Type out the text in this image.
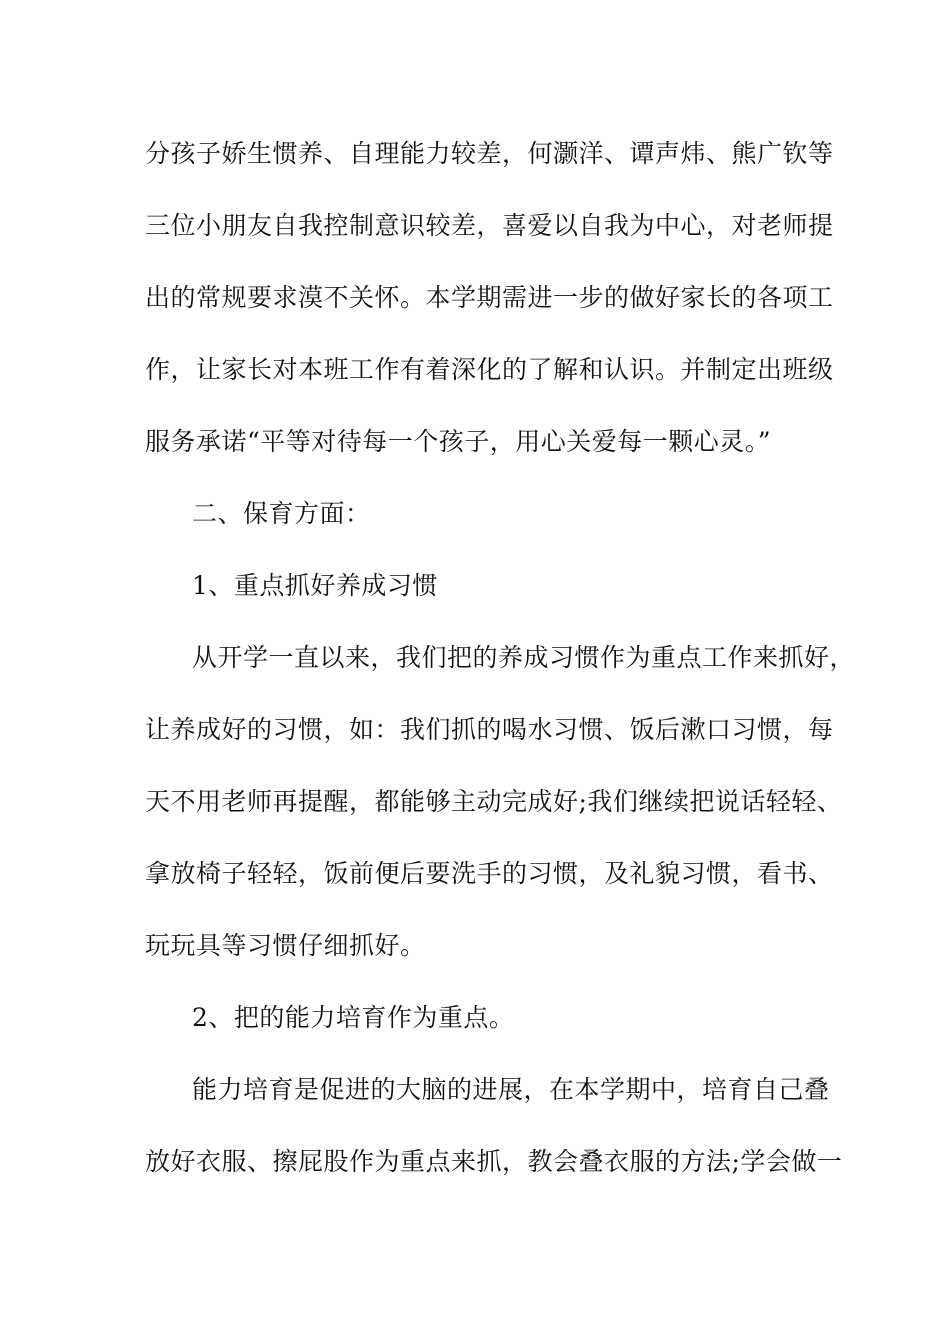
分孩子娇生惯养、自理能力较差，何灏洋、谭声炜、熊广钦等
三位小朋友自我控制意识较差，喜爱以自我为中心，对老师提
出的常规要求漠不关怀。本学期需进一步的做好家长的各项工
作，让家长对本班工作有着深化的了解和认识。并制定出班级
服务承诺“平等对待每一个孩子，用心关爱每一颗心灵。”
二、保育方面：
1、重点抓好养成习惯
从开学一直以来，我们把的养成习惯作为重点工作来抓好，
让养成好的习惯，如：我们抓的喝水习惯、饭后漱口习惯，每
天不用老师再提醒，都能够主动完成好;我们继续把说话轻轻、
拿放椅子轻轻，饭前便后要洗手的习惯，及礼貌习惯，看书、
玩玩具等习惯仔细抓好。
2、把的能力培育作为重点。
能力培育是促进的大脑的进展，在本学期中，培育自己叠
放好衣服、擦屁股作为重点来抓，教会叠衣服的方法;学会做一
